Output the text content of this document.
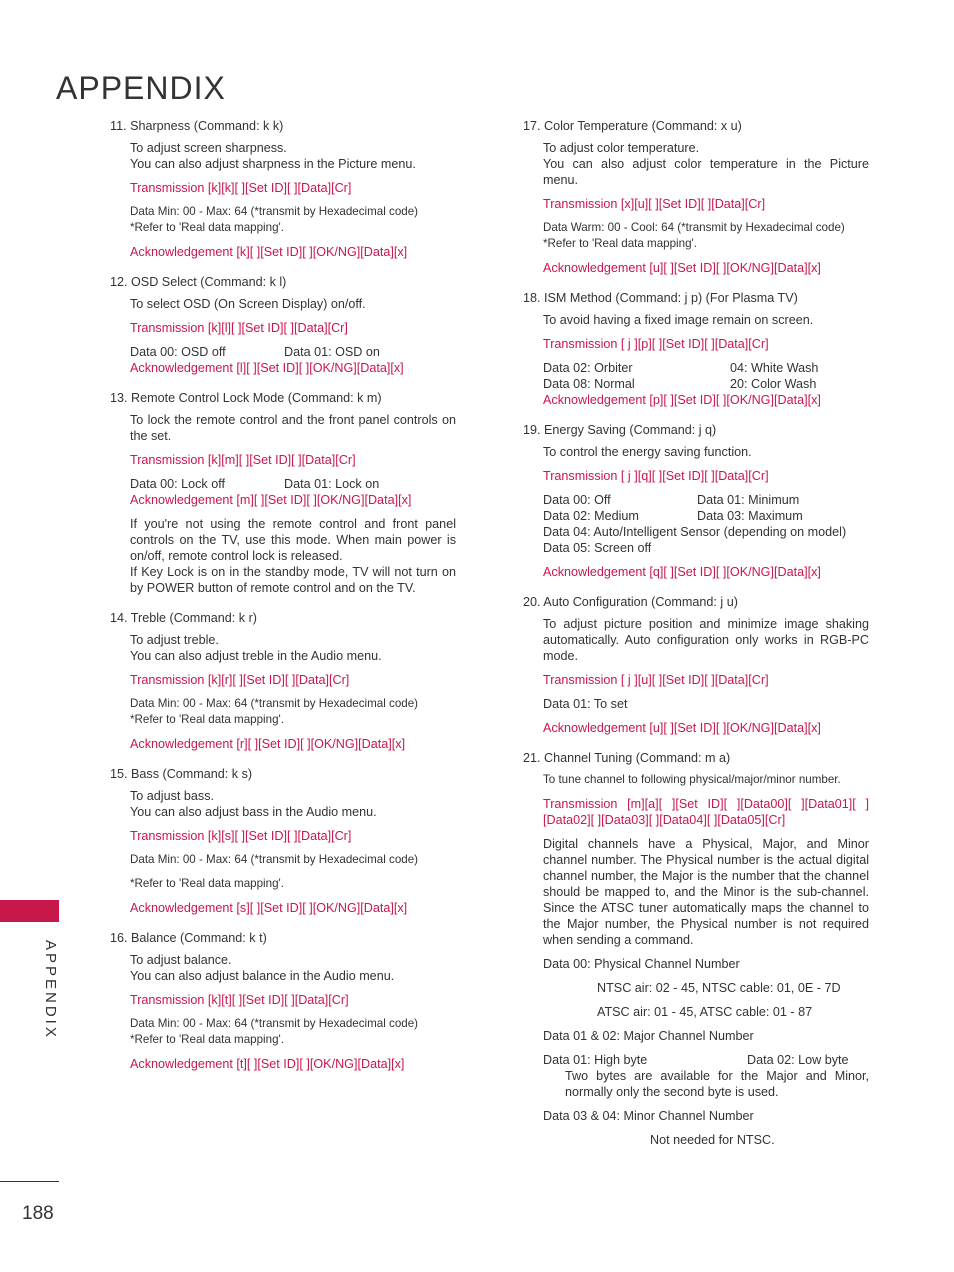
APPENDIX
11. Sharpness (Command: k k)
To adjust screen sharpness.
You can also adjust sharpness in the Picture menu.
Transmission [k][k][ ][Set ID][ ][Data][Cr]
Data Min: 00 - Max: 64 (*transmit by Hexadecimal code)
*Refer to 'Real data mapping'.
Acknowledgement [k][ ][Set ID][ ][OK/NG][Data][x]
12. OSD Select (Command: k l)
To select OSD (On Screen Display) on/off.
Transmission [k][l][ ][Set ID][ ][Data][Cr]
Data 00: OSD off	Data 01: OSD on
Acknowledgement [l][ ][Set ID][ ][OK/NG][Data][x]
13. Remote Control Lock Mode (Command: k m)
To lock the remote control and the front panel controls on the set.
Transmission [k][m][ ][Set ID][ ][Data][Cr]
Data 00: Lock off	Data 01: Lock on
Acknowledgement [m][ ][Set ID][ ][OK/NG][Data][x]
If you're not using the remote control and front panel controls on the TV, use this mode. When main power is on/off, remote control lock is released.
If Key Lock is on in the standby mode, TV will not turn on by POWER button of remote control and on the TV.
14. Treble (Command: k r)
To adjust treble.
You can also adjust treble in the Audio menu.
Transmission [k][r][ ][Set ID][ ][Data][Cr]
Data Min: 00 - Max: 64 (*transmit by Hexadecimal code)
*Refer to 'Real data mapping'.
Acknowledgement [r][ ][Set ID][ ][OK/NG][Data][x]
15. Bass (Command: k s)
To adjust bass.
You can also adjust bass in the Audio menu.
Transmission [k][s][ ][Set ID][ ][Data][Cr]
Data Min: 00 - Max: 64 (*transmit by Hexadecimal code)
*Refer to 'Real data mapping'.
Acknowledgement [s][ ][Set ID][ ][OK/NG][Data][x]
16. Balance (Command: k t)
To adjust balance.
You can also adjust balance in the Audio menu.
Transmission [k][t][ ][Set ID][ ][Data][Cr]
Data Min: 00 - Max: 64 (*transmit by Hexadecimal code)
*Refer to 'Real data mapping'.
Acknowledgement [t][ ][Set ID][ ][OK/NG][Data][x]
17. Color Temperature (Command: x u)
To adjust color temperature.
You can also adjust color temperature in the Picture menu.
Transmission [x][u][ ][Set ID][ ][Data][Cr]
Data Warm: 00 - Cool: 64 (*transmit by Hexadecimal code)
*Refer to 'Real data mapping'.
Acknowledgement [u][ ][Set ID][ ][OK/NG][Data][x]
18. ISM Method (Command: j p) (For Plasma TV)
To avoid having a fixed image remain on screen.
Transmission [ j ][p][ ][Set ID][ ][Data][Cr]
Data 02: Orbiter	04: White Wash
Data 08: Normal	20: Color Wash
Acknowledgement [p][ ][Set ID][ ][OK/NG][Data][x]
19. Energy Saving (Command: j q)
To control the energy saving function.
Transmission [ j ][q][ ][Set ID][ ][Data][Cr]
Data 00: Off	Data 01: Minimum
Data 02: Medium	Data 03: Maximum
Data 04: Auto/Intelligent Sensor (depending on model)
Data 05: Screen off
Acknowledgement [q][ ][Set ID][ ][OK/NG][Data][x]
20. Auto Configuration (Command: j u)
To adjust picture position and minimize image shaking automatically. Auto configuration only works in RGB-PC mode.
Transmission [ j ][u][ ][Set ID][ ][Data][Cr]
Data 01: To set
Acknowledgement [u][ ][Set ID][ ][OK/NG][Data][x]
21. Channel Tuning (Command: m a)
To tune channel to following physical/major/minor number.
Transmission [m][a][ ][Set ID][ ][Data00][ ][Data01][ ][Data02][ ][Data03][ ][Data04][ ][Data05][Cr]
Digital channels have a Physical, Major, and Minor channel number. The Physical number is the actual digital channel number, the Major is the number that the channel should be mapped to, and the Minor is the sub-channel. Since the ATSC tuner automatically maps the channel to the Major number, the Physical number is not required when sending a command.
Data 00: Physical Channel Number
NTSC air: 02 - 45, NTSC cable: 01, 0E - 7D
ATSC air: 01 - 45, ATSC cable: 01 - 87
Data 01 & 02: Major Channel Number
Data 01: High byte	Data 02: Low byte
Two bytes are available for the Major and Minor, normally only the second byte is used.
Data 03 & 04: Minor Channel Number
Not needed for NTSC.
APPENDIX
188
